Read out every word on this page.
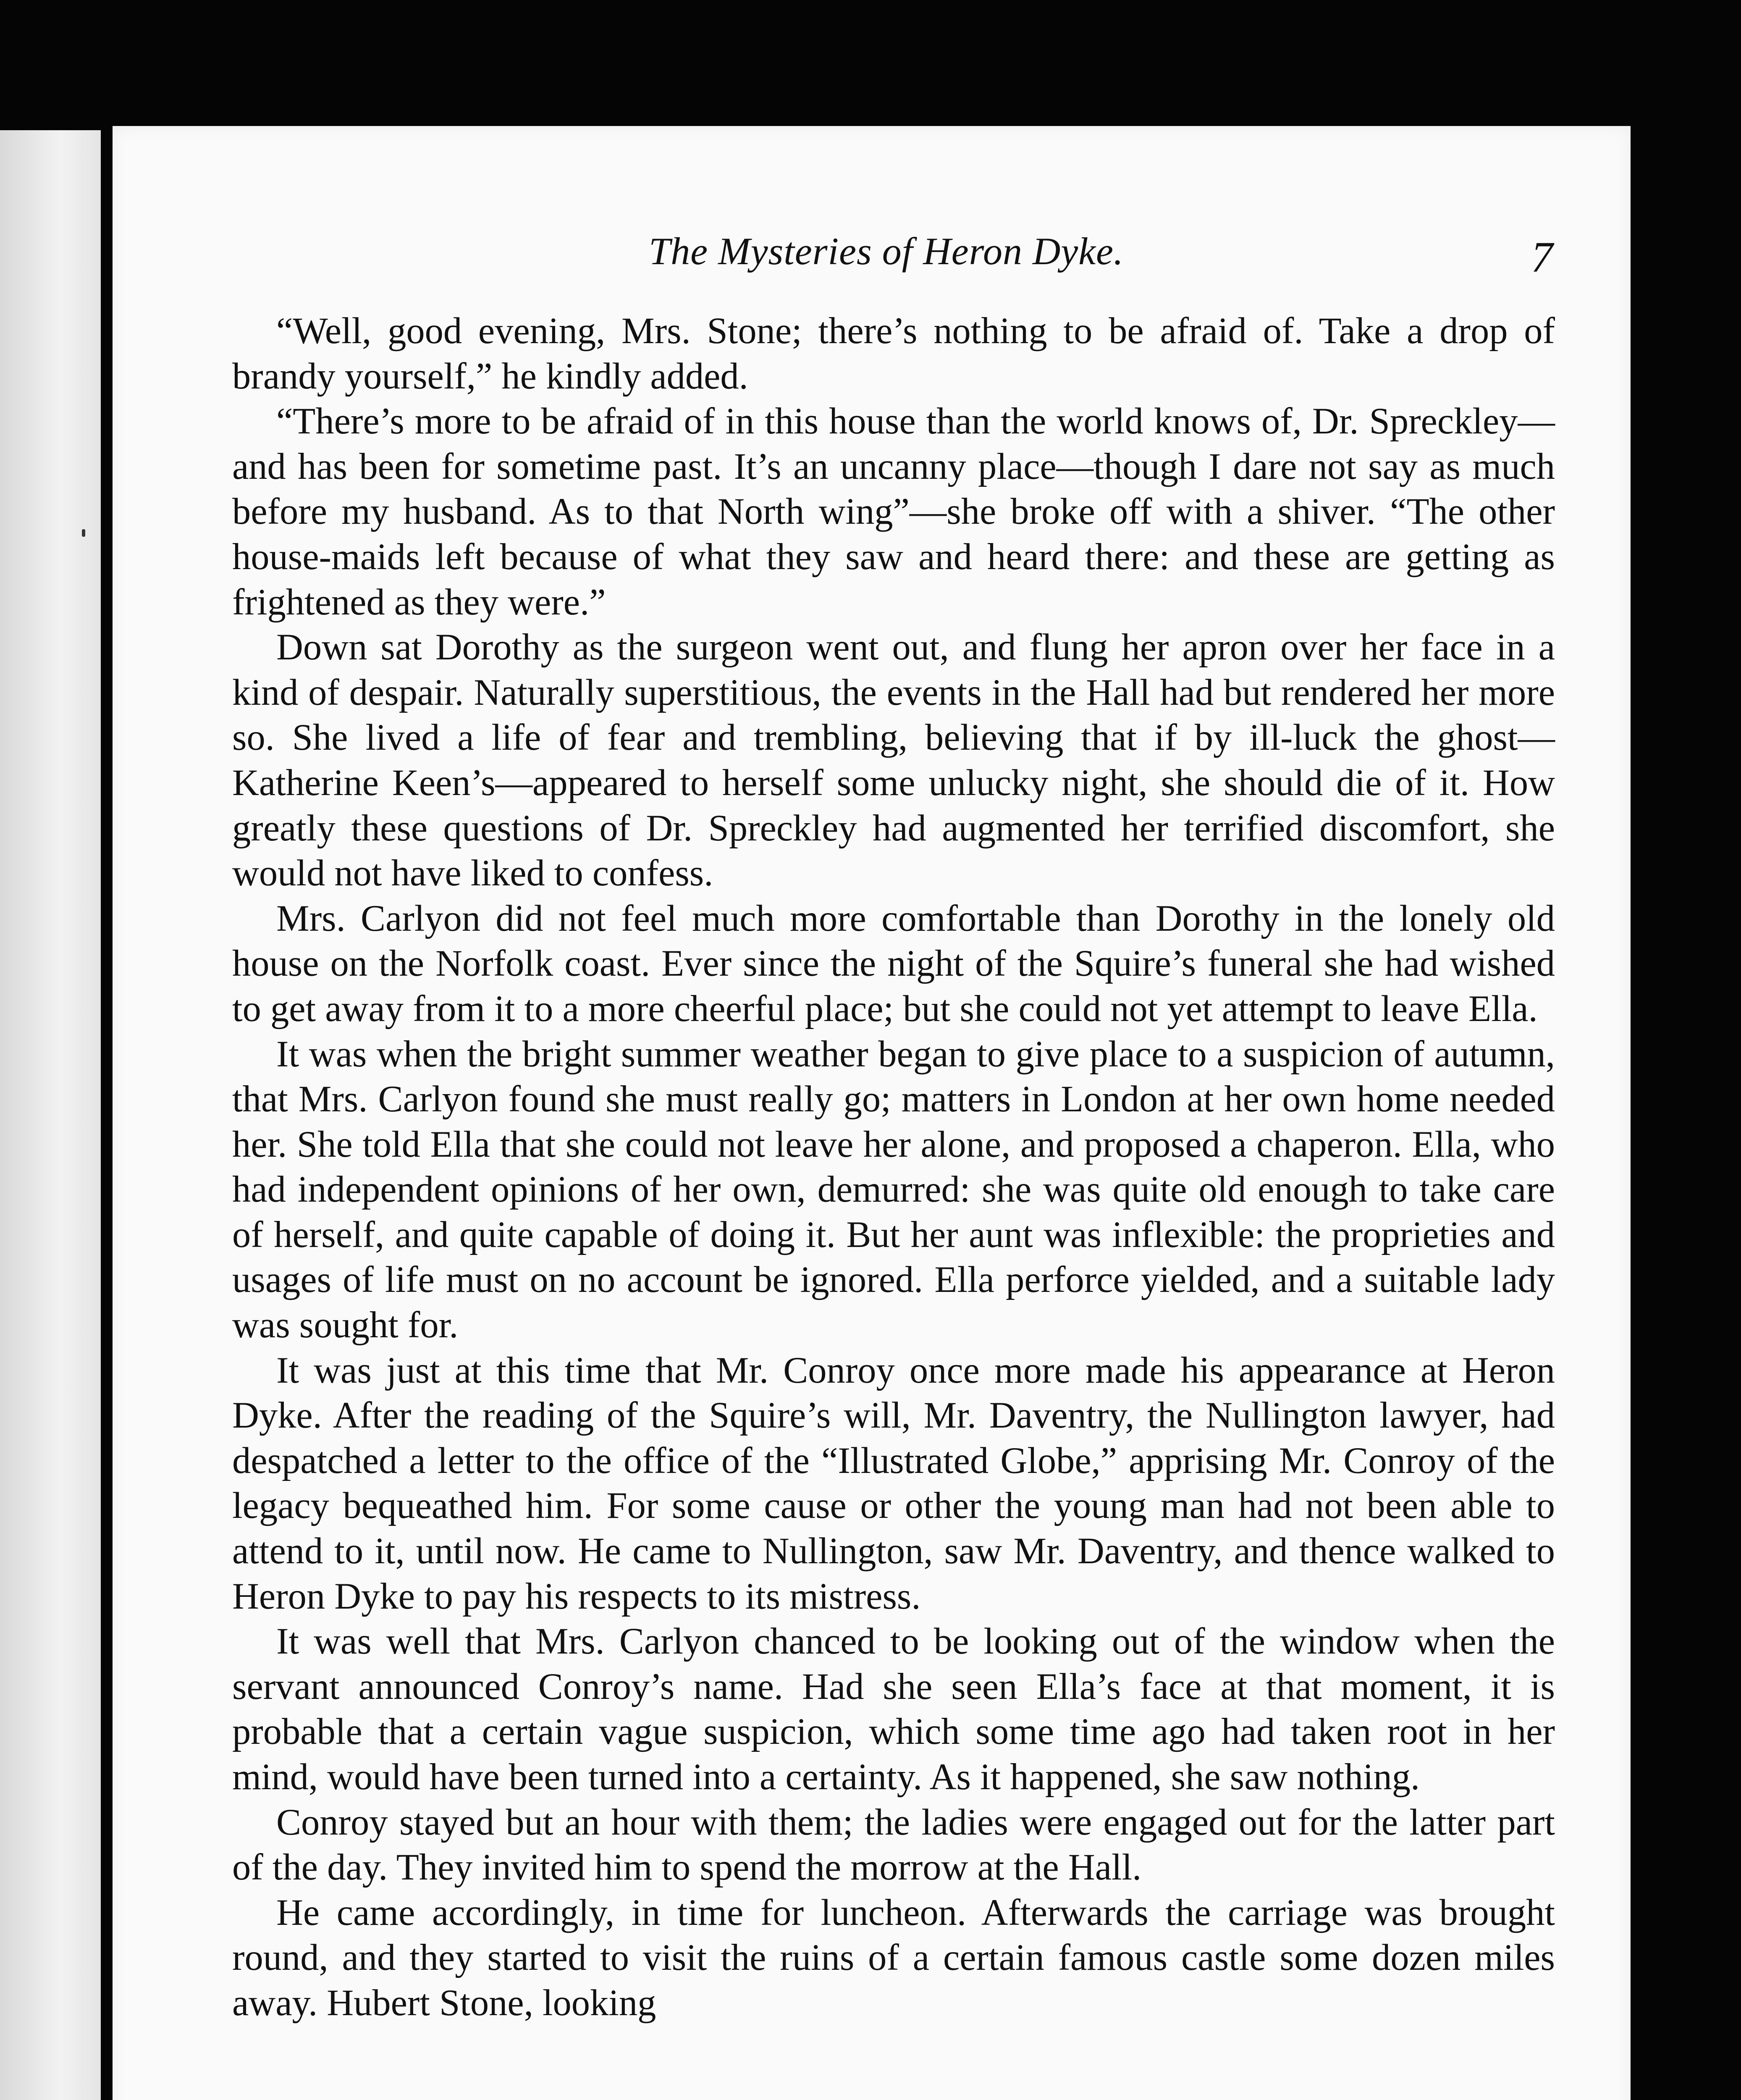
The Mysteries of Heron Dyke.	7

“Well, good evening, Mrs. Stone; there’s nothing to be afraid of. Take a drop of brandy yourself,” he kindly added.

“There’s more to be afraid of in this house than the world knows of, Dr. Spreckley—and has been for sometime past. It’s an uncanny place—though I dare not say as much before my husband. As to that North wing”—she broke off with a shiver. “The other house-maids left because of what they saw and heard there: and these are getting as frightened as they were.”

Down sat Dorothy as the surgeon went out, and flung her apron over her face in a kind of despair. Naturally superstitious, the events in the Hall had but rendered her more so. She lived a life of fear and trembling, believing that if by ill-luck the ghost—Katherine Keen’s—appeared to herself some unlucky night, she should die of it. How greatly these questions of Dr. Spreckley had augmented her terrified discomfort, she would not have liked to confess.

Mrs. Carlyon did not feel much more comfortable than Dorothy in the lonely old house on the Norfolk coast. Ever since the night of the Squire’s funeral she had wished to get away from it to a more cheerful place; but she could not yet attempt to leave Ella.

It was when the bright summer weather began to give place to a suspicion of autumn, that Mrs. Carlyon found she must really go; matters in London at her own home needed her. She told Ella that she could not leave her alone, and proposed a chaperon. Ella, who had independent opinions of her own, demurred: she was quite old enough to take care of herself, and quite capable of doing it. But her aunt was inflexible: the proprieties and usages of life must on no account be ignored. Ella perforce yielded, and a suitable lady was sought for.

It was just at this time that Mr. Conroy once more made his appearance at Heron Dyke. After the reading of the Squire’s will, Mr. Daventry, the Nullington lawyer, had despatched a letter to the office of the “Illustrated Globe,” apprising Mr. Conroy of the legacy bequeathed him. For some cause or other the young man had not been able to attend to it, until now. He came to Nullington, saw Mr. Daventry, and thence walked to Heron Dyke to pay his respects to its mistress.

It was well that Mrs. Carlyon chanced to be looking out of the window when the servant announced Conroy’s name. Had she seen Ella’s face at that moment, it is probable that a certain vague suspicion, which some time ago had taken root in her mind, would have been turned into a certainty. As it happened, she saw nothing.

Conroy stayed but an hour with them; the ladies were engaged out for the latter part of the day. They invited him to spend the morrow at the Hall.

He came accordingly, in time for luncheon. Afterwards the carriage was brought round, and they started to visit the ruins of a certain famous castle some dozen miles away. Hubert Stone, looking
